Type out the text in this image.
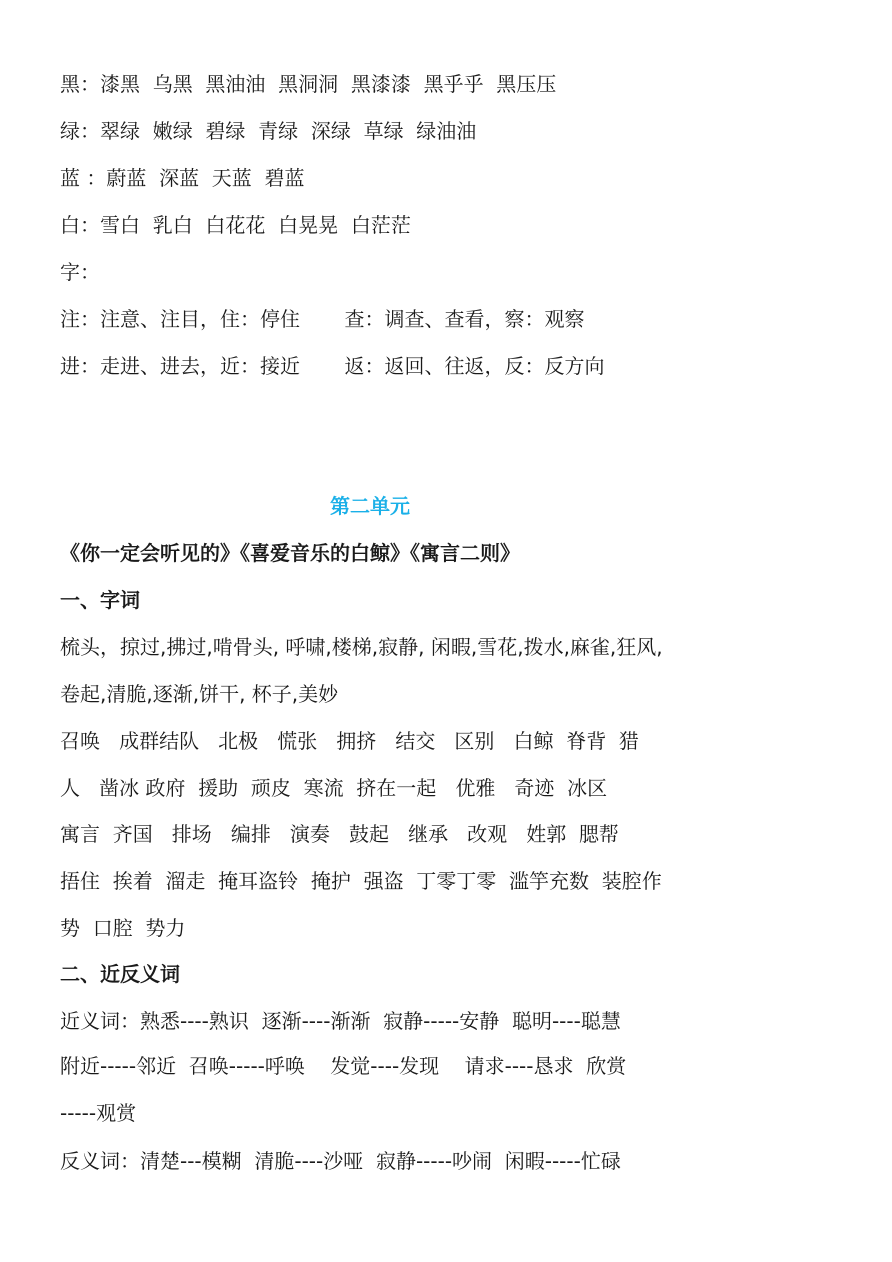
黑：漆黑  乌黑  黑油油  黑洞洞  黑漆漆  黑乎乎  黑压压
绿：翠绿  嫩绿  碧绿  青绿  深绿  草绿  绿油油
蓝 ：蔚蓝  深蓝  天蓝  碧蓝
白：雪白  乳白  白花花  白晃晃  白茫茫
字：
注：注意、注目，住：停住       查：调查、查看，察：观察
进：走进、进去，近：接近       返：返回、往返，反：反方向
第二单元
《你一定会听见的》《喜爱音乐的白鲸》《寓言二则》
一、字词
梳头，掠过,拂过,啃骨头, 呼啸,楼梯,寂静, 闲暇,雪花,拨水,麻雀,狂风,
卷起,清脆,逐渐,饼干, 杯子,美妙
召唤   成群结队   北极   慌张   拥挤   结交   区别   白鲸  脊背  猎
人   凿冰 政府  援助  顽皮  寒流  挤在一起   优雅   奇迹  冰区
寓言  齐国   排场   编排   演奏   鼓起   继承   改观   姓郭  腮帮
捂住  挨着  溜走  掩耳盗铃  掩护  强盗  丁零丁零  滥竽充数  装腔作
势  口腔  势力
二、近反义词
近义词：熟悉----熟识  逐渐----渐渐  寂静-----安静  聪明----聪慧
附近-----邻近  召唤-----呼唤    发觉----发现    请求----恳求  欣赏
-----观赏
反义词：清楚---模糊  清脆----沙哑  寂静-----吵闹  闲暇-----忙碌
